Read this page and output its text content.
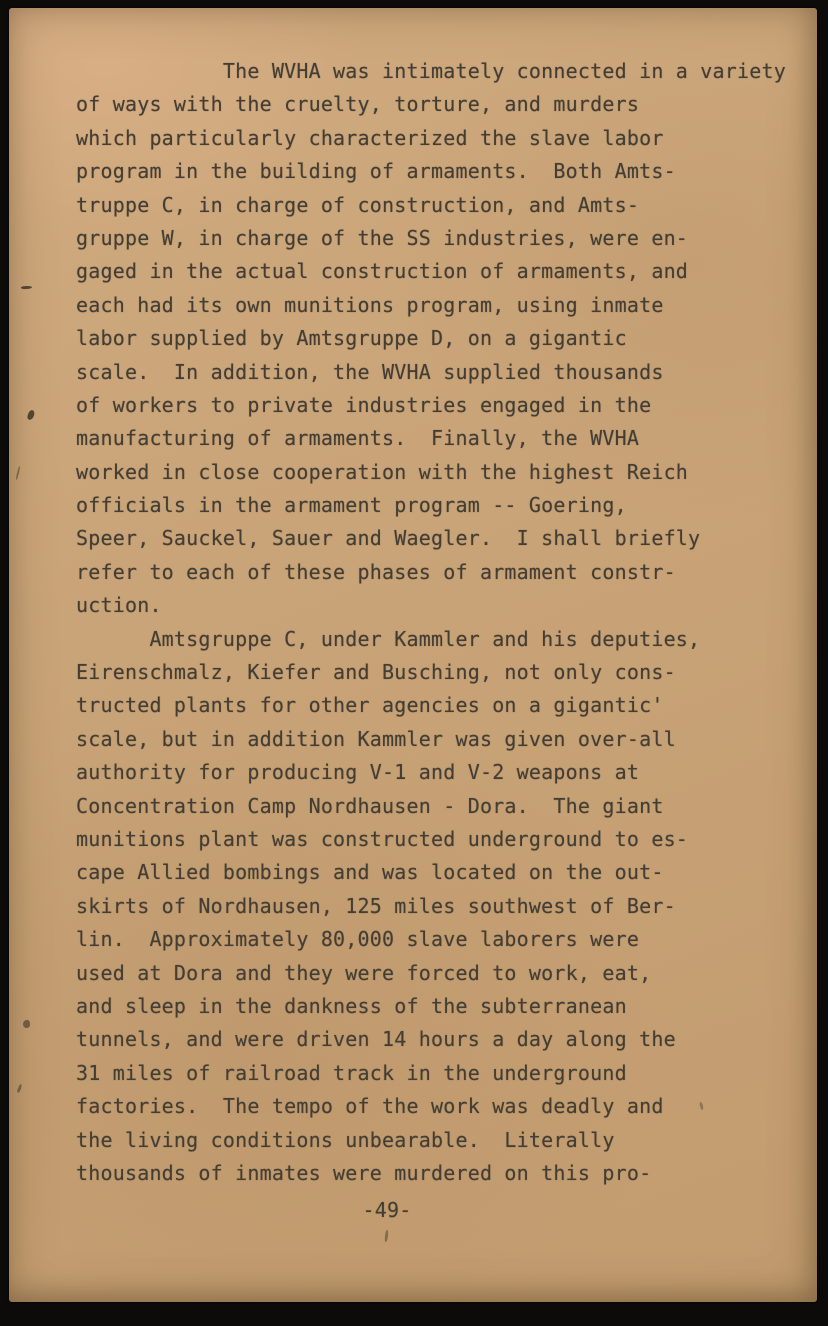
The WVHA was intimately connected in a variety
of ways with the cruelty, torture, and murders
which particularly characterized the slave labor
program in the building of armaments.  Both Amts-
truppe C, in charge of construction, and Amts-
gruppe W, in charge of the SS industries, were en-
gaged in the actual construction of armaments, and
each had its own munitions program, using inmate
labor supplied by Amtsgruppe D, on a gigantic
scale.  In addition, the WVHA supplied thousands
of workers to private industries engaged in the
manufacturing of armaments.  Finally, the WVHA
worked in close cooperation with the highest Reich
officials in the armament program -- Goering,
Speer, Sauckel, Sauer and Waegler.  I shall briefly
refer to each of these phases of armament constr-
uction.
Amtsgruppe C, under Kammler and his deputies,
Eirenschmalz, Kiefer and Busching, not only cons-
tructed plants for other agencies on a gigantic'
scale, but in addition Kammler was given over-all
authority for producing V-1 and V-2 weapons at
Concentration Camp Nordhausen - Dora.  The giant
munitions plant was constructed underground to es-
cape Allied bombings and was located on the out-
skirts of Nordhausen, 125 miles southwest of Ber-
lin.  Approximately 80,000 slave laborers were
used at Dora and they were forced to work, eat,
and sleep in the dankness of the subterranean
tunnels, and were driven 14 hours a day along the
31 miles of railroad track in the underground
factories.  The tempo of the work was deadly and
the living conditions unbearable.  Literally
thousands of inmates were murdered on this pro-
-49-
